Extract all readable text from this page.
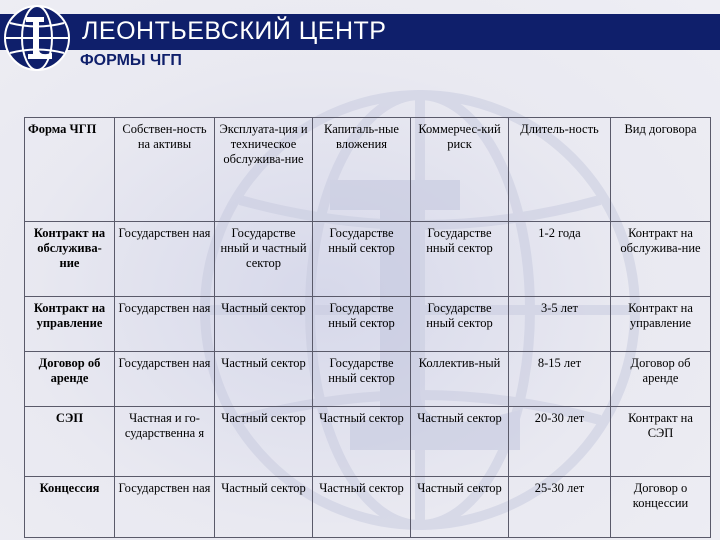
ЛЕОНТЬЕВСКИЙ ЦЕНТР
ФОРМЫ ЧГП
Форма ЧГП	Собствен-ность на активы	Эксплуата-ция и техническое обслужива-ние	Капиталь-ные вложения	Коммерчес-кий риск	Длитель-ность	Вид договора
Контракт на обслужива-ние	Государствен ная	Государстве нный и частный сектор	Государстве нный сектор	Государстве нный сектор	1-2 года	Контракт на обслужива-ние
Контракт на управление	Государствен ная	Частный сектор	Государстве нный сектор	Государстве нный сектор	3-5 лет	Контракт на управление
Договор об аренде	Государствен ная	Частный сектор	Государстве нный сектор	Коллектив-ный	8-15 лет	Договор об аренде
СЭП	Частная и го-сударственна я	Частный сектор	Частный сектор	Частный сектор	20-30 лет	Контракт на СЭП
Концессия	Государствен ная	Частный сектор	Частный сектор	Частный сектор	25-30 лет	Договор о концессии
